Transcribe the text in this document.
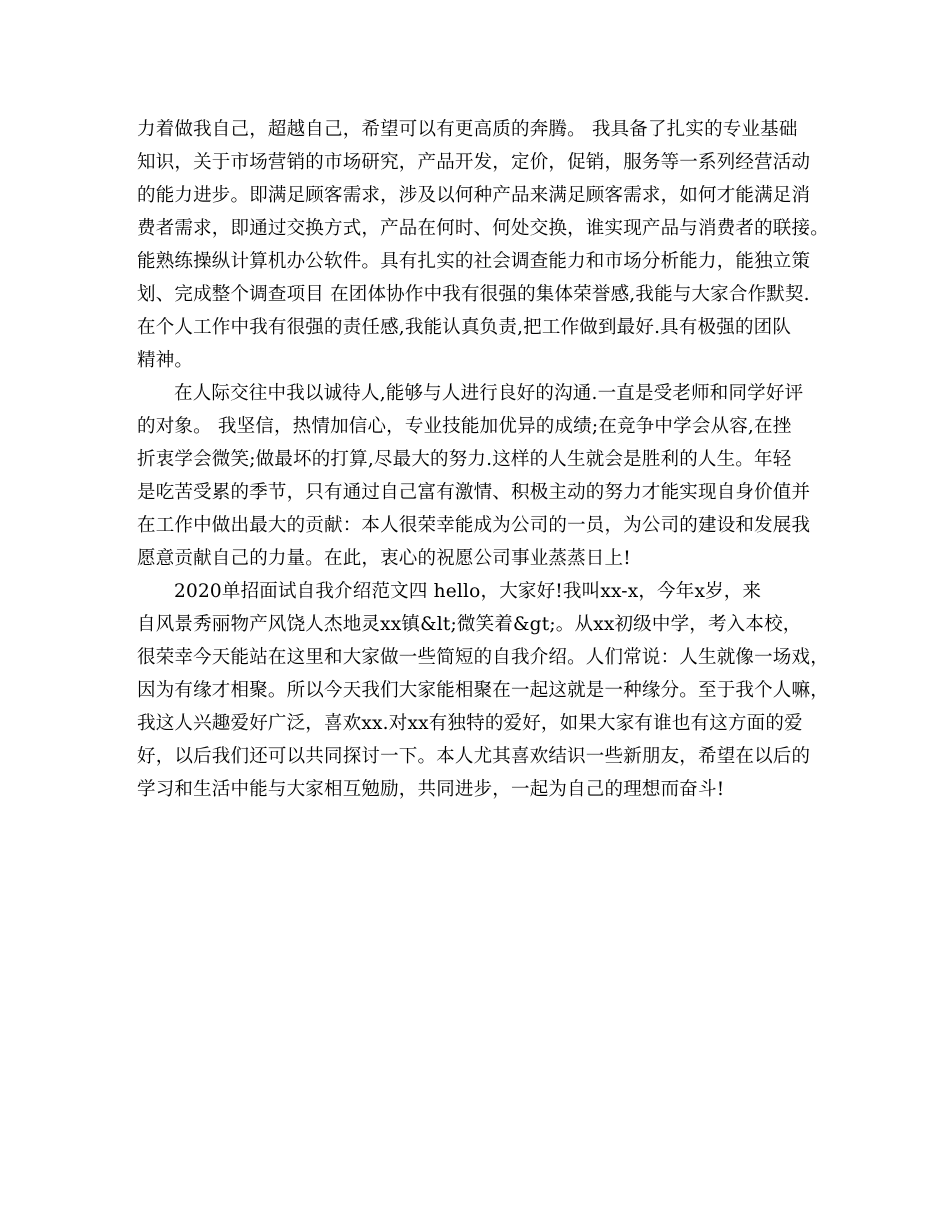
力着做我自己，超越自己，希望可以有更高质的奔腾。 我具备了扎实的专业基础
知识，关于市场营销的市场研究，产品开发，定价，促销，服务等一系列经营活动
的能力进步。即满足顾客需求，涉及以何种产品来满足顾客需求，如何才能满足消
费者需求，即通过交换方式，产品在何时、何处交换，谁实现产品与消费者的联接。
能熟练操纵计算机办公软件。具有扎实的社会调查能力和市场分析能力，能独立策
划、完成整个调查项目 在团体协作中我有很强的集体荣誉感,我能与大家合作默契.
在个人工作中我有很强的责任感,我能认真负责,把工作做到最好.具有极强的团队
精神。
在人际交往中我以诚待人,能够与人进行良好的沟通.一直是受老师和同学好评
的对象。 我坚信，热情加信心，专业技能加优异的成绩;在竞争中学会从容,在挫
折衷学会微笑;做最坏的打算,尽最大的努力.这样的人生就会是胜利的人生。年轻
是吃苦受累的季节，只有通过自己富有激情、积极主动的努力才能实现自身价值并
在工作中做出最大的贡献：本人很荣幸能成为公司的一员，为公司的建设和发展我
愿意贡献自己的力量。在此，衷心的祝愿公司事业蒸蒸日上!
2020单招面试自我介绍范文四 hello，大家好!我叫xx-x，今年x岁，来
自风景秀丽物产风饶人杰地灵xx镇&lt;微笑着&gt;。从xx初级中学，考入本校，
很荣幸今天能站在这里和大家做一些简短的自我介绍。人们常说：人生就像一场戏，
因为有缘才相聚。所以今天我们大家能相聚在一起这就是一种缘分。至于我个人嘛，
我这人兴趣爱好广泛，喜欢xx.对xx有独特的爱好，如果大家有谁也有这方面的爱
好，以后我们还可以共同探讨一下。本人尤其喜欢结识一些新朋友，希望在以后的
学习和生活中能与大家相互勉励，共同进步，一起为自己的理想而奋斗!
